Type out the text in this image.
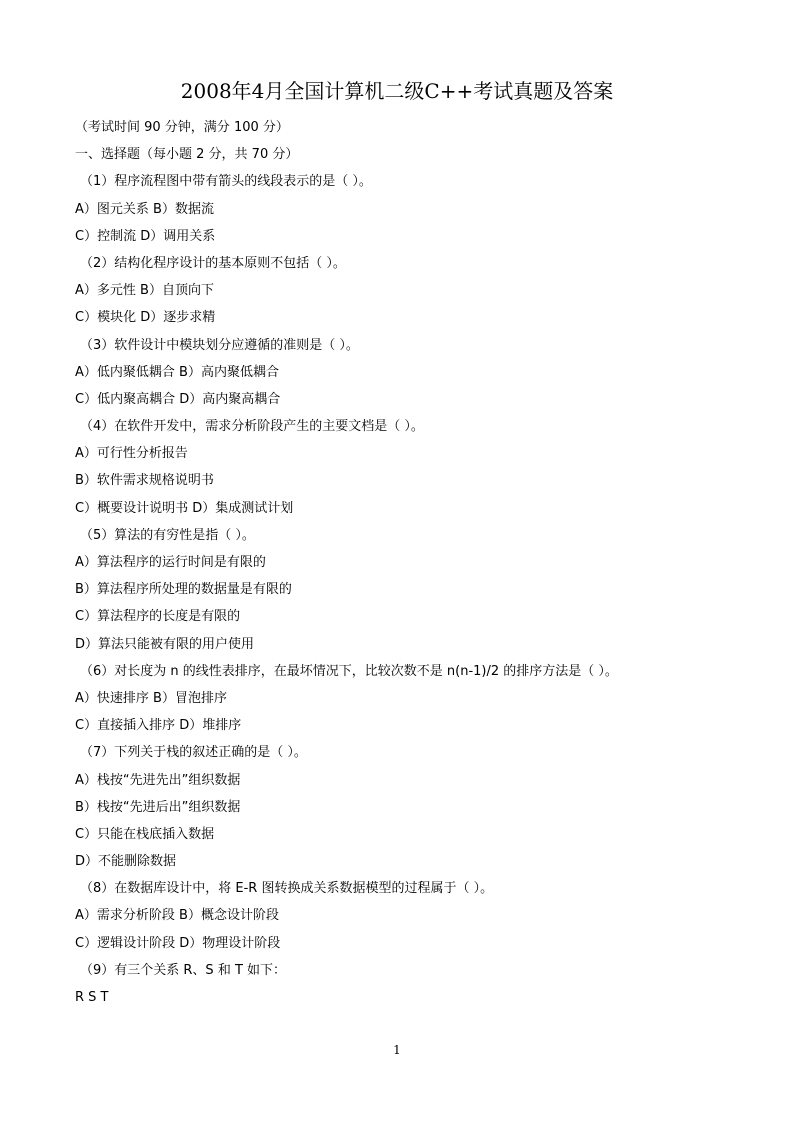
2008年4月全国计算机二级C++考试真题及答案
（考试时间 90 分钟，满分 100 分）
一、选择题（每小题 2 分，共 70 分）
（1）程序流程图中带有箭头的线段表示的是（ ）。
A）图元关系 B）数据流
C）控制流 D）调用关系
（2）结构化程序设计的基本原则不包括（ ）。
A）多元性 B）自顶向下
C）模块化 D）逐步求精
（3）软件设计中模块划分应遵循的准则是（ ）。
A）低内聚低耦合 B）高内聚低耦合
C）低内聚高耦合 D）高内聚高耦合
（4）在软件开发中，需求分析阶段产生的主要文档是（ ）。
A）可行性分析报告
B）软件需求规格说明书
C）概要设计说明书 D）集成测试计划
（5）算法的有穷性是指（ ）。
A）算法程序的运行时间是有限的
B）算法程序所处理的数据量是有限的
C）算法程序的长度是有限的
D）算法只能被有限的用户使用
（6）对长度为 n 的线性表排序，在最坏情况下，比较次数不是 n(n-1)/2 的排序方法是（ ）。
A）快速排序 B）冒泡排序
C）直接插入排序 D）堆排序
（7）下列关于栈的叙述正确的是（ ）。
A）栈按“先进先出”组织数据
B）栈按“先进后出”组织数据
C）只能在栈底插入数据
D）不能删除数据
（8）在数据库设计中，将 E-R 图转换成关系数据模型的过程属于（ ）。
A）需求分析阶段 B）概念设计阶段
C）逻辑设计阶段 D）物理设计阶段
（9）有三个关系 R、S 和 T 如下：
R S T
1
